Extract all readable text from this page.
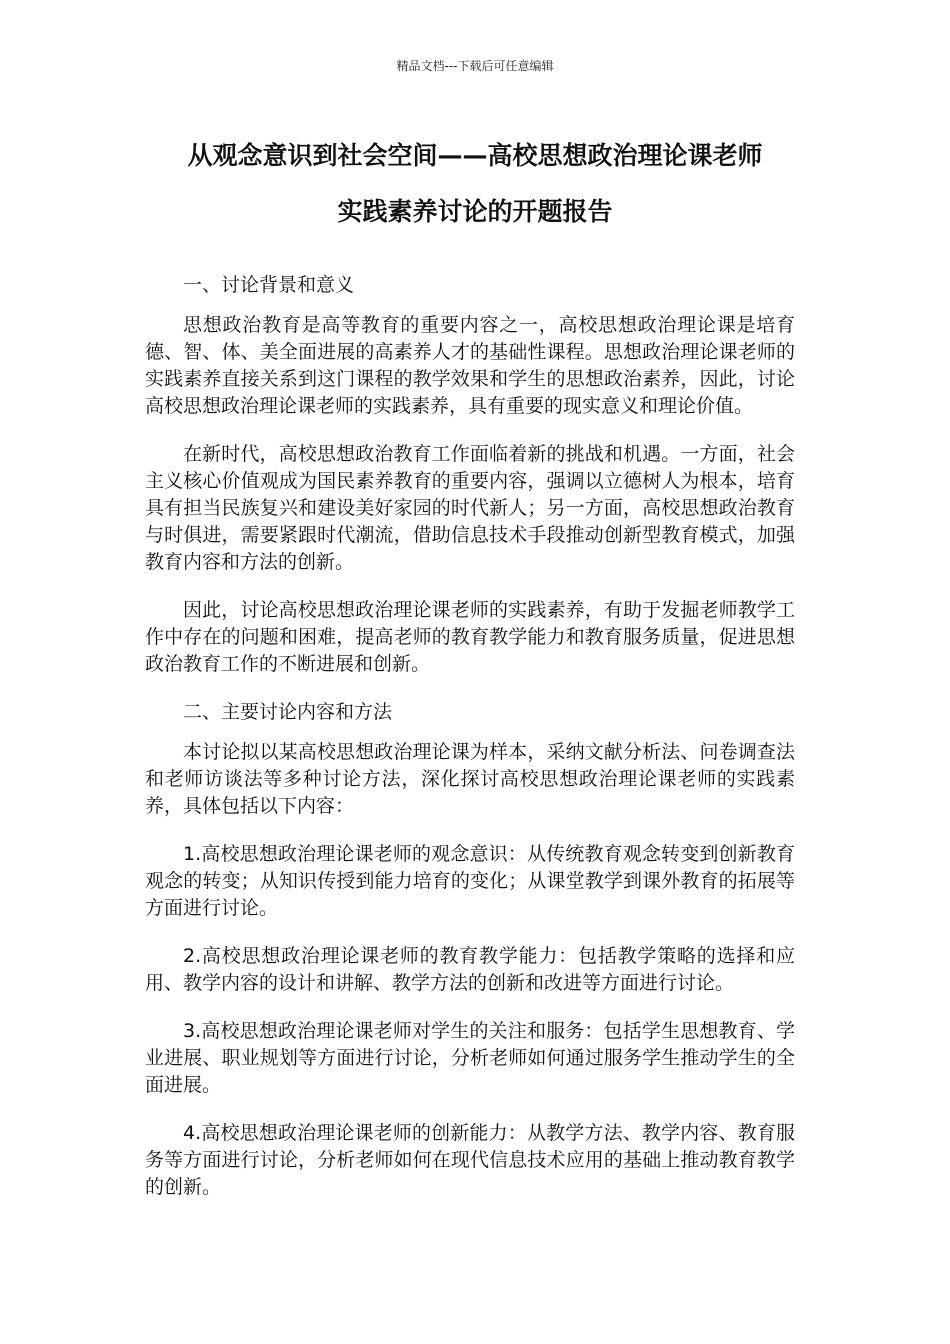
精品文档---下载后可任意编辑
从观念意识到社会空间——高校思想政治理论课老师
实践素养讨论的开题报告

一、讨论背景和意义

思想政治教育是高等教育的重要内容之一，高校思想政治理论课是培育德、智、体、美全面进展的高素养人才的基础性课程。思想政治理论课老师的实践素养直接关系到这门课程的教学效果和学生的思想政治素养，因此，讨论高校思想政治理论课老师的实践素养，具有重要的现实意义和理论价值。

在新时代，高校思想政治教育工作面临着新的挑战和机遇。一方面，社会主义核心价值观成为国民素养教育的重要内容，强调以立德树人为根本，培育具有担当民族复兴和建设美好家园的时代新人；另一方面，高校思想政治教育与时俱进，需要紧跟时代潮流，借助信息技术手段推动创新型教育模式，加强教育内容和方法的创新。

因此，讨论高校思想政治理论课老师的实践素养，有助于发掘老师教学工作中存在的问题和困难，提高老师的教育教学能力和教育服务质量，促进思想政治教育工作的不断进展和创新。

二、主要讨论内容和方法

本讨论拟以某高校思想政治理论课为样本，采纳文献分析法、问卷调查法和老师访谈法等多种讨论方法，深化探讨高校思想政治理论课老师的实践素养，具体包括以下内容：

1.高校思想政治理论课老师的观念意识：从传统教育观念转变到创新教育观念的转变；从知识传授到能力培育的变化；从课堂教学到课外教育的拓展等方面进行讨论。

2.高校思想政治理论课老师的教育教学能力：包括教学策略的选择和应用、教学内容的设计和讲解、教学方法的创新和改进等方面进行讨论。

3.高校思想政治理论课老师对学生的关注和服务：包括学生思想教育、学业进展、职业规划等方面进行讨论，分析老师如何通过服务学生推动学生的全面进展。

4.高校思想政治理论课老师的创新能力：从教学方法、教学内容、教育服务等方面进行讨论，分析老师如何在现代信息技术应用的基础上推动教育教学的创新。
